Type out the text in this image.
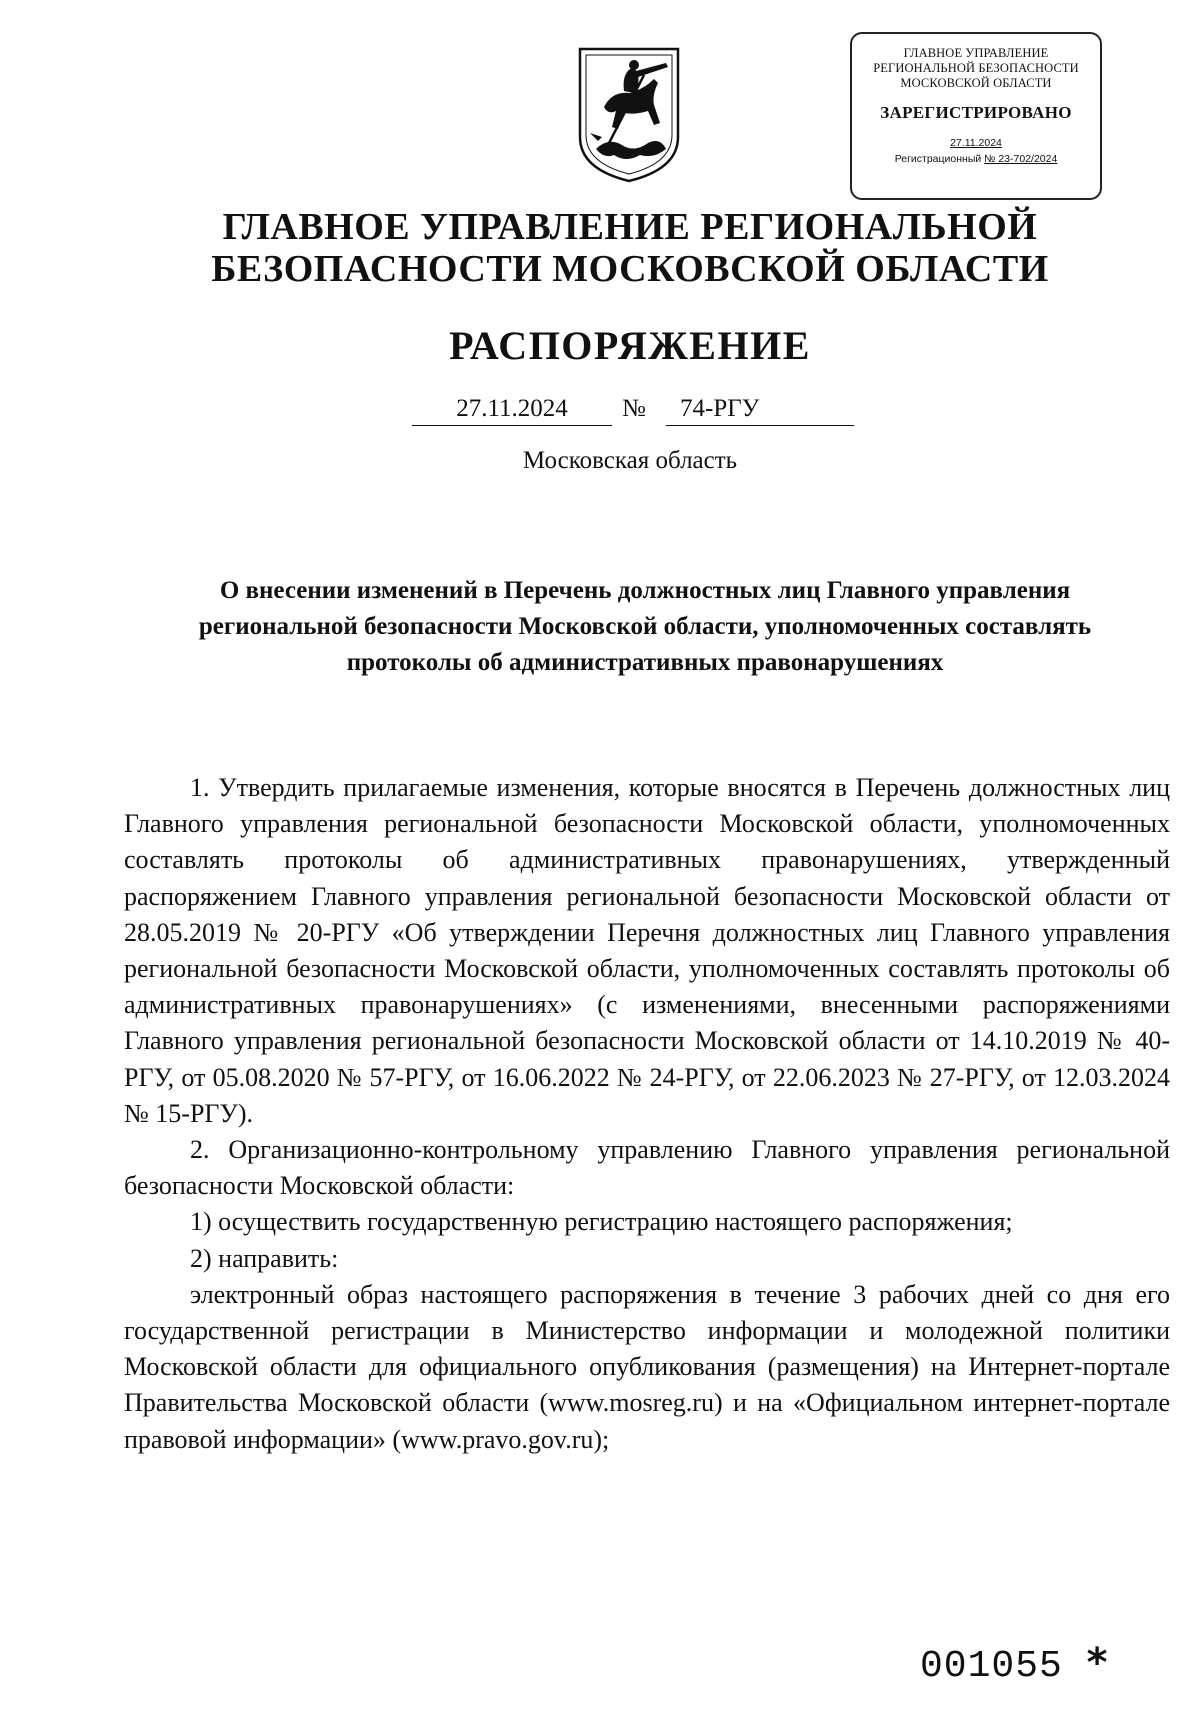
ГЛАВНОЕ УПРАВЛЕНИЕ
РЕГИОНАЛЬНОЙ БЕЗОПАСНОСТИ
МОСКОВСКОЙ ОБЛАСТИ
ЗАРЕГИСТРИРОВАНО
27.11.2024
Регистрационный № 23-702/2024
ГЛАВНОЕ УПРАВЛЕНИЕ РЕГИОНАЛЬНОЙ
БЕЗОПАСНОСТИ МОСКОВСКОЙ ОБЛАСТИ
РАСПОРЯЖЕНИЕ
27.11.2024	№	74-РГУ
Московская область
О внесении изменений в Перечень должностных лиц Главного управления
региональной безопасности Московской области, уполномоченных составлять
протоколы об административных правонарушениях

1. Утвердить прилагаемые изменения, которые вносятся в Перечень должностных лиц Главного управления региональной безопасности Московской области, уполномоченных составлять протоколы об административных правонарушениях, утвержденный распоряжением Главного управления региональной безопасности Московской области от 28.05.2019 № 20-РГУ «Об утверждении Перечня должностных лиц Главного управления региональной безопасности Московской области, уполномоченных составлять протоколы об административных правонарушениях» (с изменениями, внесенными распоряжениями Главного управления региональной безопасности Московской области от 14.10.2019 № 40-РГУ, от 05.08.2020 № 57-РГУ, от 16.06.2022 № 24-РГУ, от 22.06.2023 № 27-РГУ, от 12.03.2024 № 15-РГУ).

2. Организационно-контрольному управлению Главного управления региональной безопасности Московской области:

1) осуществить государственную регистрацию настоящего распоряжения;

2) направить:

электронный образ настоящего распоряжения в течение 3 рабочих дней со дня его государственной регистрации в Министерство информации и молодежной политики Московской области для официального опубликования (размещения) на Интернет-портале Правительства Московской области (www.mosreg.ru) и на «Официальном интернет-портале правовой информации» (www.pravo.gov.ru);

001055 *
